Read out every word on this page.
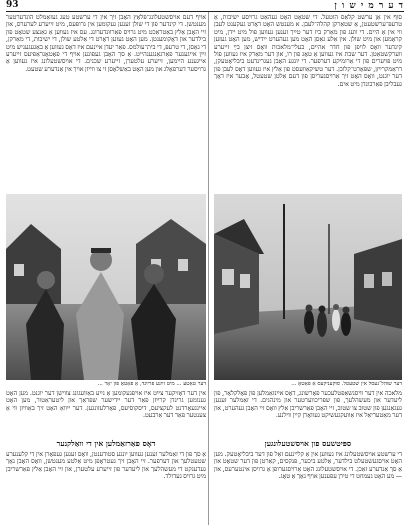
93	ד ע ר מ י ש ו ן

סוף אין אַן ערשט קלאַס הוטעל. די שטאָט האָט געהאַט גרויסע ישיבות, אַ טרעפּ־ערשטעטן, אַ שטאַרקן קהלה־לעבן. א מענטש האָט דאָרט געקענט לעבן ווי אין אַ היים. די וועג פון מאַרק ביז דער טײַך זענען געווען פול מיט יידן, מיט קראָמען און מיט שולן. אין אַלע גאַסן האָט מען געהערט יידיש, מען האָט געזען קינדער וואָס לויפן פון חדר אהיים, בעלי־מלאכות וואָס זיצן בײַ זייערע ווערקשטאַטן. דער שבת איז געווען אַ טאָג פון רו, און דער מאַרק איז געווען פול מיט פּויערים פון די אַרומיקע דערפער. די יונגע האָבן געגרינדעט ביבליאָטעקן, דראַמקרײַזן, שפּאָרט־קלובן. דער טשיקאַוועסט פון אַלץ איז געווען דאָס לעבן פון דער יוגנט, וואָס האָט זיך אַרויסגעריסן פון דעם אַלטן שטעטל, אָבער איז דאָך געבליבן פאַרבונדן מיט אים.

דער שוהל־געסל אין שטעטל. סוקעניקעס אַ פּאָטאָ ...

מלאכה אין דער וויסנשאַפטלעכער פאָרשונג, דאָס אײַנזאַמלען פון פאָלקלאָר, פון ליעדער און מעשהלעך, פון שפּריכווערטער און מינהגים. די זאַמלער זענען געגאַנגען פון שטוב צו שטוב, זיי האָבן פאַרשריבן אַלץ וואָס זיי האָבן געהערט, און דער מאַטעריאַל איז אַוועקגעשיקט געוואָרן קיין ווילנע.

ספּיטשעס פון אויסשטעלונגען

די ערשטע אויסשטעלונג איז געווען אין אַ קליינעם זאַל פון דער ביבליאָטעק. מען האָט אויסגעשטעלט בילדער, אַלטע ביכער, פּנקסים, קאַרטן פון דער שטאָט און אַ סך אַנדערע זאַכן. די אויסשטעלונג האָט אַרויסגערופן אַ גרויסן אינטערעס, און — מע האָט געמוזט די טירן עפענען אויף נאָך אַ טאָג.

אויף דעם אויסשטעלונג־פּלאַץ האָבן זיך אין די ערשטע טעג געזאַמלט הונדערטער מענטשן. די קינדער פון די שולן זענען געקומען אין גרופּעס, מיט זייערע לערערס, און זיי האָבן אַלץ באַטראַכט מיט גרויס פאַרווּנדערונג. עס איז געווען אַ גאַנצע שטאָט פון בילדער און דאָקומענטן. מען האָט געזען דאָרט די אַלטע שולן, די ישיבות, די מאַרקן, די גאַסן, די טרעפּ, די בית־עולמס. פאַר יעדן איינעם איז דאָס געווען אַ באַגעגעניש מיט זײַן אייגענער פאַרגאַנגענהייט. אַ סך האָבן געפונען אויף די פאָטאָגראַפיעס זייערע אייגענע היימען, זייערע עלטערן, זייערע שכנים. די אויסשטעלונג איז געווען אַ גרויסער דערפאָלג און מען האָט באַשלאָסן זי צו ווייזן אויך אין אַנדערע שטעט.

דער טאַטע ... מיט זײַנע פרײַנד, אַ פאָטאָ פון יאָר ...

אין דער דאָזיקער צײַט איז אויפגעקומען אַ נײַע באַוועגונג צווישן דער יוגנט. מען האָט גענומען גרינדן קרײַזן פאַר דער יידישער שפּראַך און ליטעראַטור, מען האָט איינגעאָרדנט לעקציעס, דיסקוסיעס, פאָרלעזונגען. דער ייִוואָ האָט זיך באַוויזן ווי אַ צענטער פאַר דער אַרבעט.

דאָס פאַרזאַמלען אין די וואַלקנער

אַ סך פון די זאַמלער זענען געווען יונגע סטודענטן, וואָס זענען געפאָרן אין די קלענערע שטעטלעך און דערפער. זיי האָבן זיך געטראָפן מיט אַלטע מענטשן, וואָס האָבן נאָך געדענקט די מעשהלעך און ליעדער פון זייערע עלטערן, און זיי האָבן אַלץ פאַרשריבן מיט גרויס געדולד.
